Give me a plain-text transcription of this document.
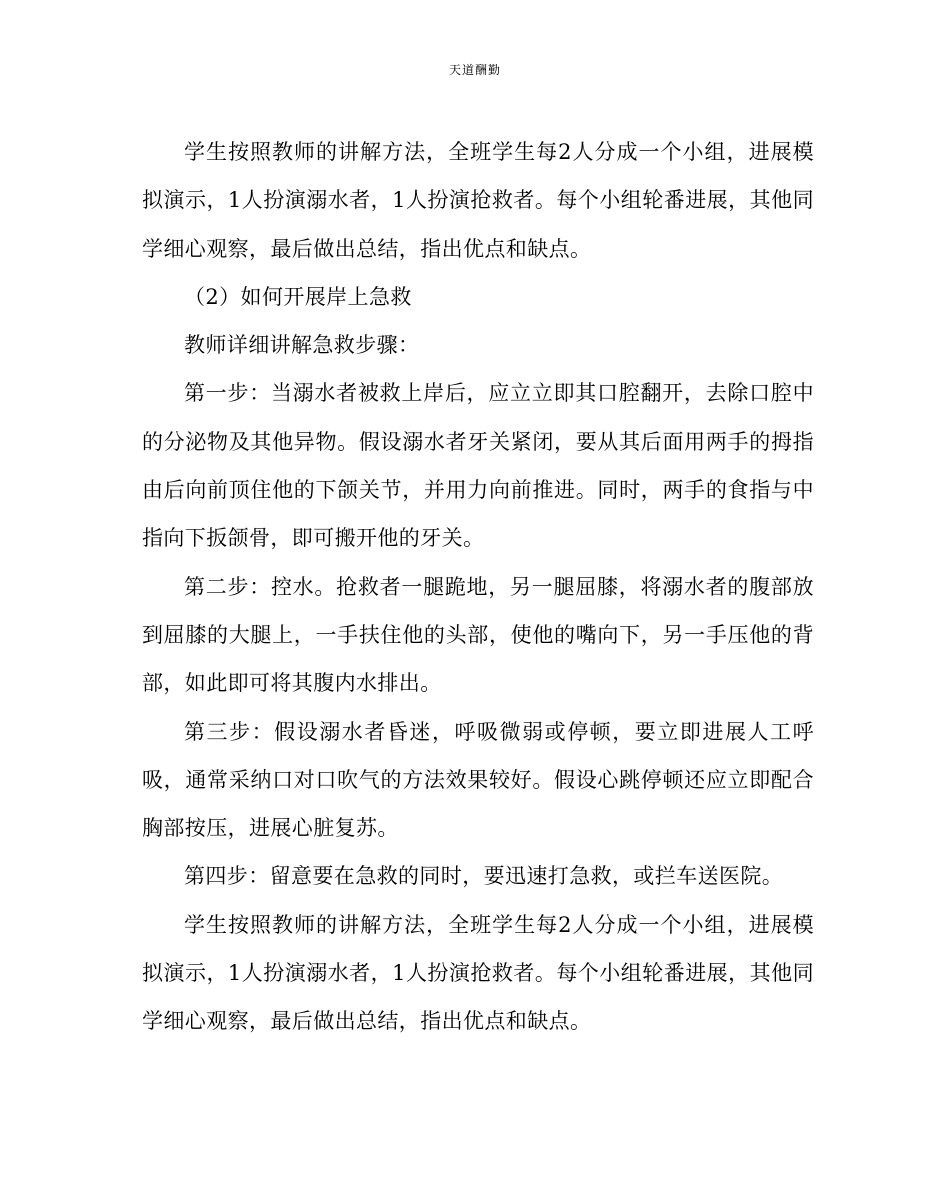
天道酬勤

学生按照教师的讲解方法，全班学生每2人分成一个小组，进展模拟演示，1人扮演溺水者，1人扮演抢救者。每个小组轮番进展，其他同学细心观察，最后做出总结，指出优点和缺点。

（2）如何开展岸上急救

教师详细讲解急救步骤：

第一步：当溺水者被救上岸后，应立立即其口腔翻开，去除口腔中的分泌物及其他异物。假设溺水者牙关紧闭，要从其后面用两手的拇指由后向前顶住他的下颌关节，并用力向前推进。同时，两手的食指与中指向下扳颌骨，即可搬开他的牙关。

第二步：控水。抢救者一腿跪地，另一腿屈膝，将溺水者的腹部放到屈膝的大腿上，一手扶住他的头部，使他的嘴向下，另一手压他的背部，如此即可将其腹内水排出。

第三步：假设溺水者昏迷，呼吸微弱或停顿，要立即进展人工呼吸，通常采纳口对口吹气的方法效果较好。假设心跳停顿还应立即配合胸部按压，进展心脏复苏。

第四步：留意要在急救的同时，要迅速打急救，或拦车送医院。

学生按照教师的讲解方法，全班学生每2人分成一个小组，进展模拟演示，1人扮演溺水者，1人扮演抢救者。每个小组轮番进展，其他同学细心观察，最后做出总结，指出优点和缺点。
